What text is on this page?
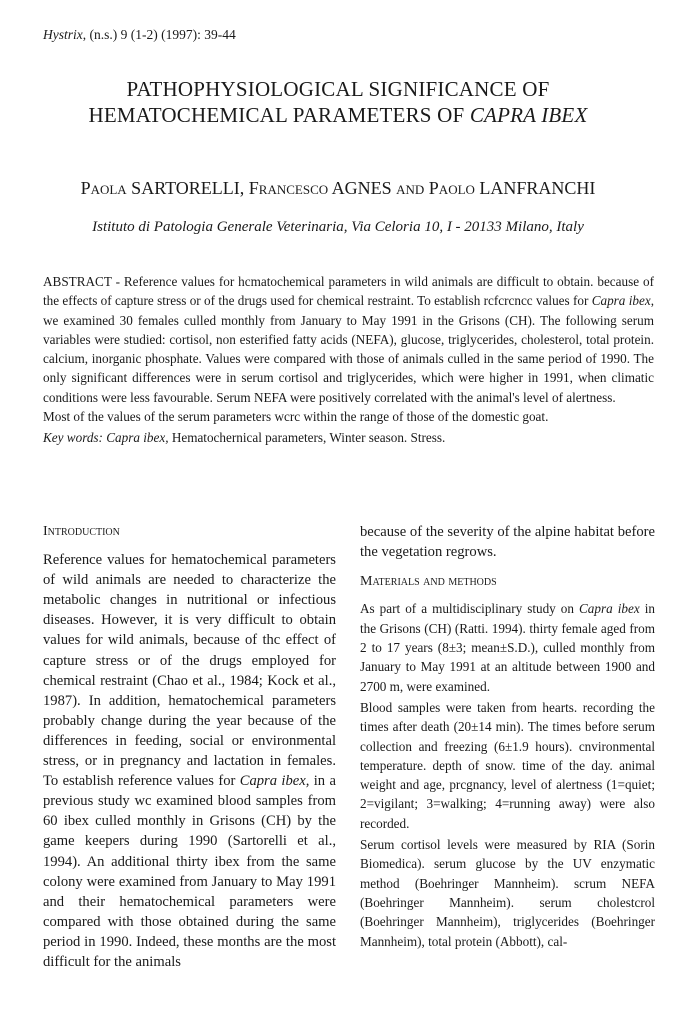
Hystrix, (n.s.) 9 (1-2) (1997): 39-44
PATHOPHYSIOLOGICAL SIGNIFICANCE OF
HEMATOCHEMICAL PARAMETERS OF CAPRA IBEX
Paola SARTORELLI, Francesco AGNES and Paolo LANFRANCHI
Istituto di Patologia Generale Veterinaria, Via Celoria 10, I - 20133 Milano, Italy

ABSTRACT - Reference values for hcmatochemical parameters in wild animals are difficult to obtain. because of the effects of capture stress or of the drugs used for chemical restraint. To establish rcfcrcncc values for Capra ibex, we examined 30 females culled monthly from January to May 1991 in the Grisons (CH). The following serum variables were studied: cortisol, non esterified fatty acids (NEFA), glucose, triglycerides, cholesterol, total protein. calcium, inorganic phosphate. Values were compared with those of animals culled in the same period of 1990. The only significant differences were in serum cortisol and triglycerides, which were higher in 1991, when climatic conditions were less favourable. Serum NEFA were positively correlated with the animal's level of alertness.

Most of the values of the serum parameters wcrc within the range of those of the domestic goat.

Key words: Capra ibex, Hematochernical parameters, Winter season. Stress.

Introduction

Reference values for hematochemical parameters of wild animals are needed to characterize the metabolic changes in nutritional or infectious diseases. However, it is very difficult to obtain values for wild animals, because of thc effect of capture stress or of the drugs employed for chemical restraint (Chao et al., 1984; Kock et al., 1987). In addition, hematochemical parameters probably change during the year because of the differences in feeding, social or environmental stress, or in pregnancy and lactation in females. To establish reference values for Capra ibex, in a previous study wc examined blood samples from 60 ibex culled monthly in Grisons (CH) by the game keepers during 1990 (Sartorelli et al., 1994). An additional thirty ibex from the same colony were examined from January to May 1991 and their hematochemical parameters were compared with those obtained during the same period in 1990. Indeed, these months are the most difficult for the animals

because of the severity of the alpine habitat before the vegetation regrows.

Materials and methods

As part of a multidisciplinary study on Capra ibex in the Grisons (CH) (Ratti. 1994). thirty female aged from 2 to 17 years (8±3; mean±S.D.), culled monthly from January to May 1991 at an altitude between 1900 and 2700 m, were examined.

Blood samples were taken from hearts. recording the times after death (20±14 min). The times before serum collection and freezing (6±1.9 hours). cnvironmental temperature. depth of snow. time of the day. animal weight and age, prcgnancy, level of alertness (1=quiet; 2=vigilant; 3=walking; 4=running away) were also recorded.

Serum cortisol levels were measured by RIA (Sorin Biomedica). serum glucose by the UV enzymatic method (Boehringer Mannheim). scrum NEFA (Boehringer Mannheim). serum cholestcrol (Boehringer Mannheim), triglycerides (Boehringer Mannheim), total protein (Abbott), cal-
